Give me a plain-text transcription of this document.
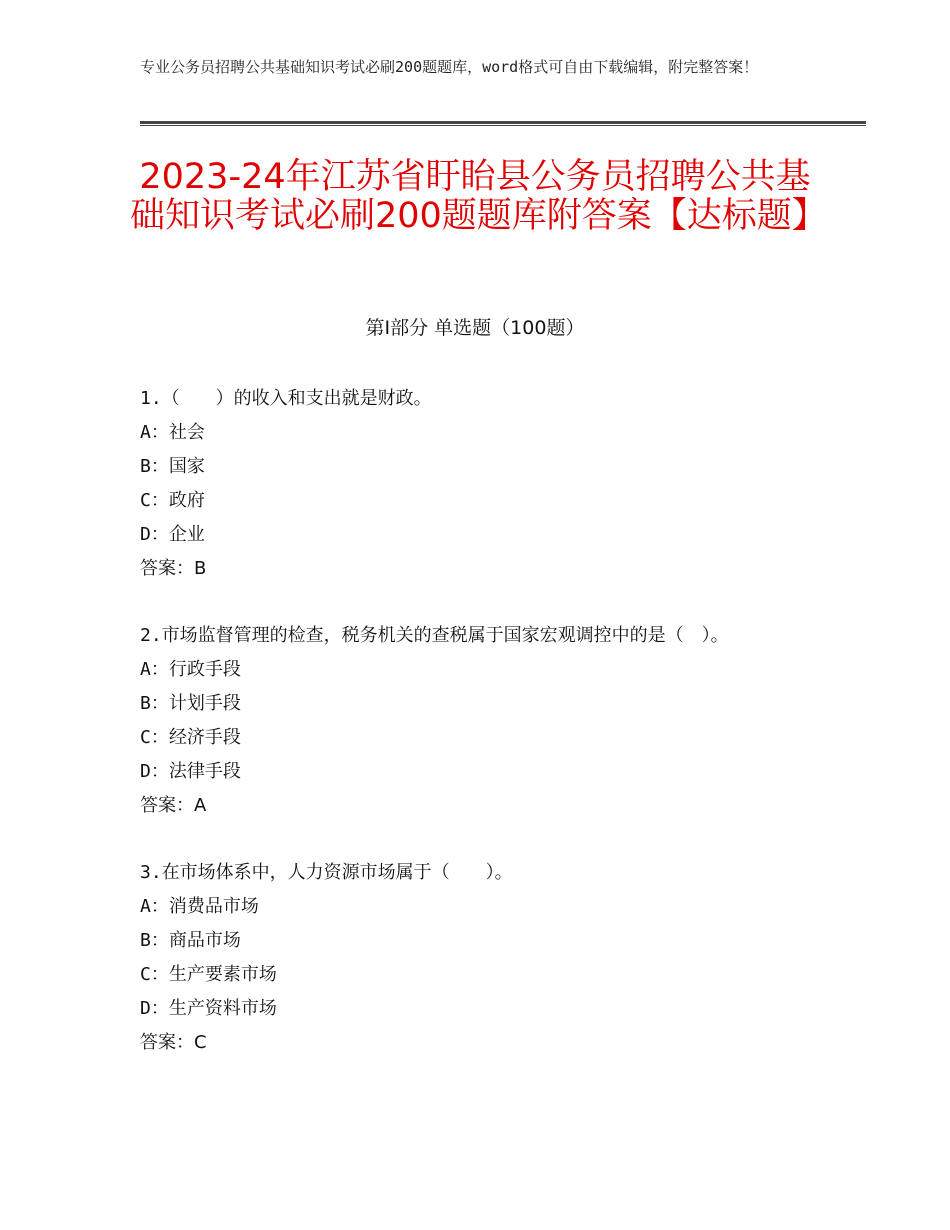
专业公务员招聘公共基础知识考试必刷200题题库，word格式可自由下载编辑，附完整答案！
2023-24年江苏省盱眙县公务员招聘公共基础知识考试必刷200题题库附答案【达标题】
第Ⅰ部分 单选题（100题）
1.（　　）的收入和支出就是财政。
A：社会
B：国家
C：政府
D：企业
答案：B
2.市场监督管理的检查，税务机关的查税属于国家宏观调控中的是（　）。
A：行政手段
B：计划手段
C：经济手段
D：法律手段
答案：A
3.在市场体系中，人力资源市场属于（　　）。
A：消费品市场
B：商品市场
C：生产要素市场
D：生产资料市场
答案：C
